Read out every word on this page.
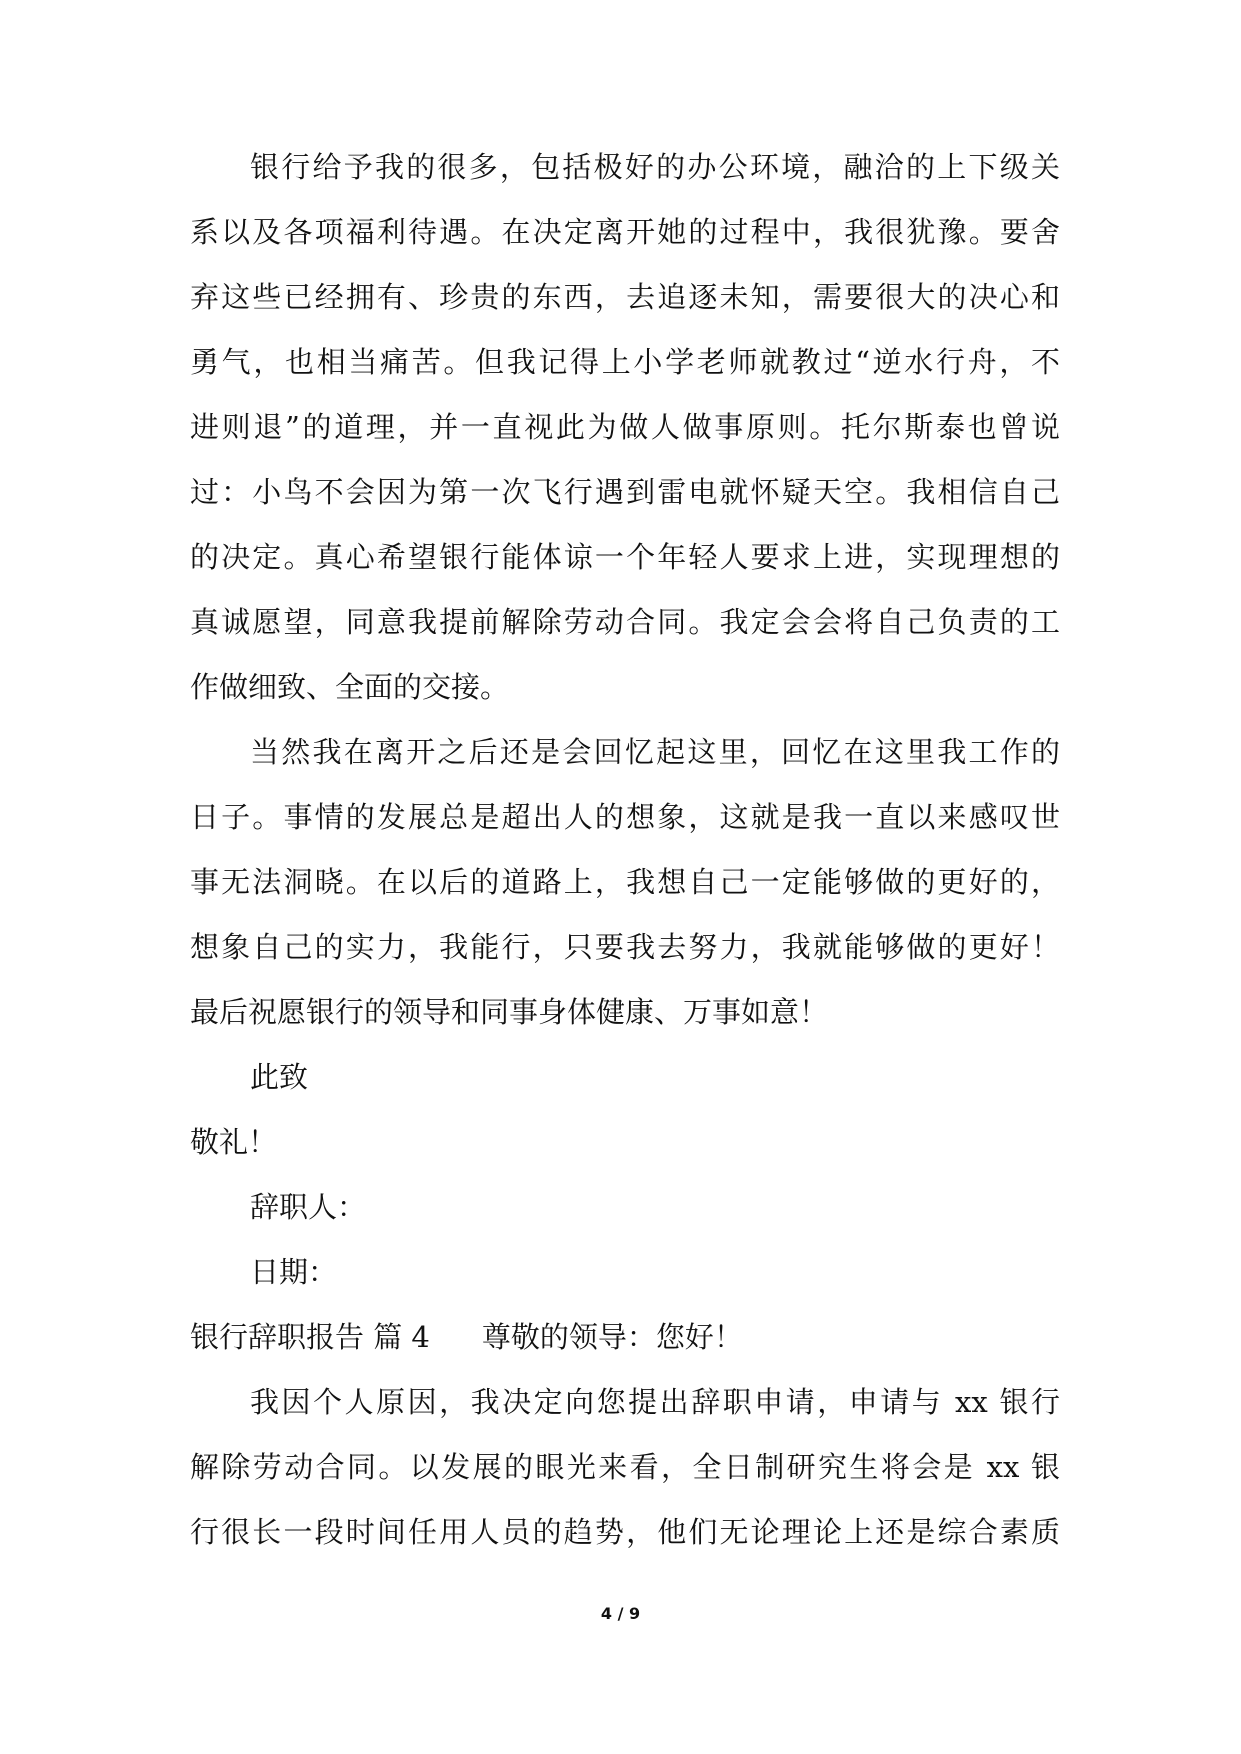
银行给予我的很多，包括极好的办公环境，融洽的上下级关
系以及各项福利待遇。在决定离开她的过程中，我很犹豫。要舍
弃这些已经拥有、珍贵的东西，去追逐未知，需要很大的决心和
勇气，也相当痛苦。但我记得上小学老师就教过“逆水行舟，不
进则退”的道理，并一直视此为做人做事原则。托尔斯泰也曾说
过：小鸟不会因为第一次飞行遇到雷电就怀疑天空。我相信自己
的决定。真心希望银行能体谅一个年轻人要求上进，实现理想的
真诚愿望，同意我提前解除劳动合同。我定会会将自己负责的工
作做细致、全面的交接。
当然我在离开之后还是会回忆起这里，回忆在这里我工作的
日子。事情的发展总是超出人的想象，这就是我一直以来感叹世
事无法洞晓。在以后的道路上，我想自己一定能够做的更好的，
想象自己的实力，我能行，只要我去努力，我就能够做的更好！
最后祝愿银行的领导和同事身体健康、万事如意！
此致
敬礼！
辞职人：
日期：
银行辞职报告 篇 4 尊敬的领导：您好！
我因个人原因，我决定向您提出辞职申请，申请与 xx 银行
解除劳动合同。以发展的眼光来看，全日制研究生将会是 xx 银
行很长一段时间任用人员的趋势，他们无论理论上还是综合素质
4 / 9
